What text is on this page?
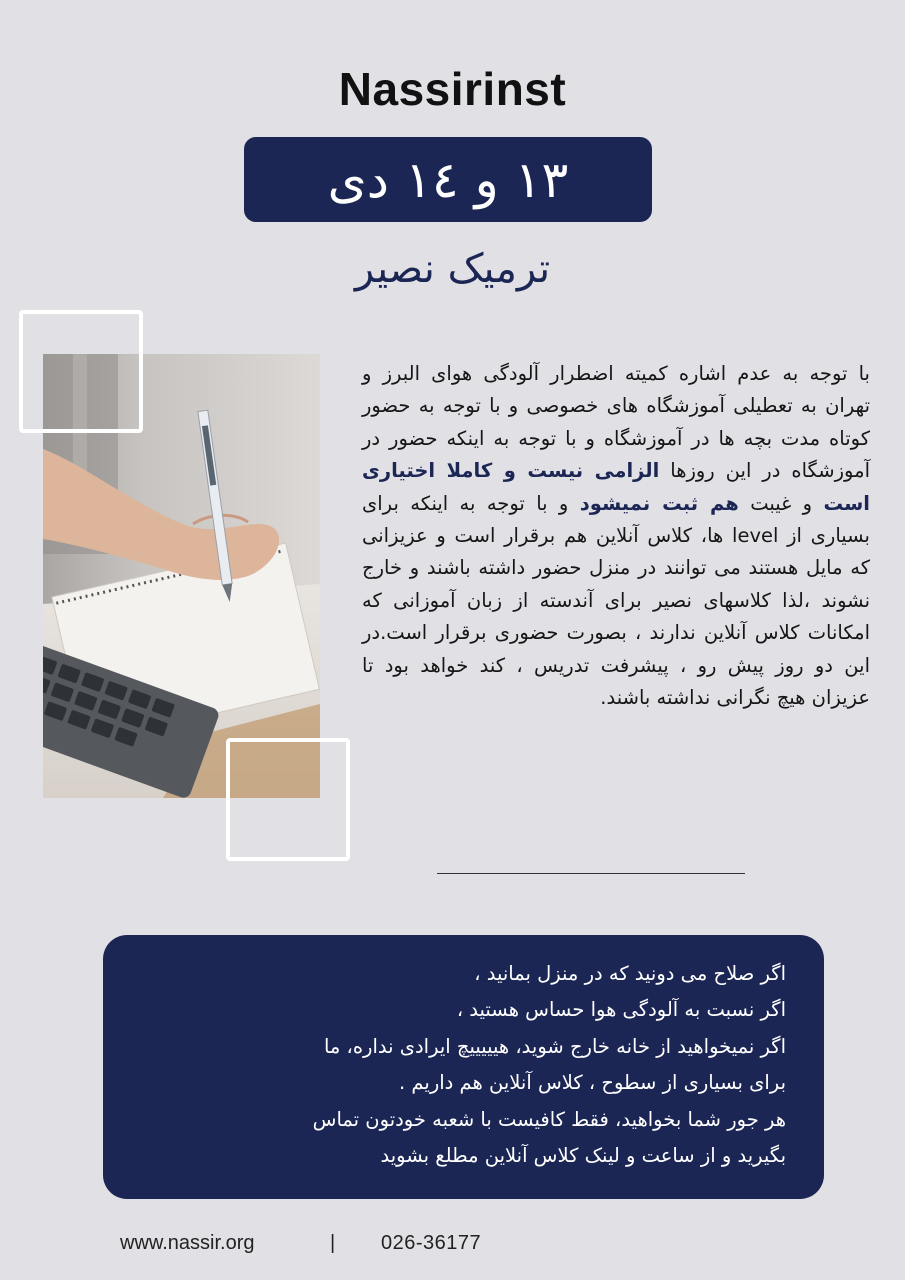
Nassirinst
۱۳ و ۱٤ دی
ترمیک نصیر
با توجه به عدم اشاره کمیته اضطرار آلودگی هوای البرز و تهران به تعطیلی آموزشگاه های خصوصی و با توجه به حضور کوتاه مدت بچه ها در آموزشگاه و با توجه به اینکه حضور در آموزشگاه در این روزها الزامی نیست و کاملا اختیاری است و غیبت هم ثبت نمیشود و با توجه به اینکه برای بسیاری از level ها، کلاس آنلاین هم برقرار است و عزیزانی که مایل هستند می توانند در منزل حضور داشته باشند و خارج نشوند ،لذا کلاسهای نصیر برای آندسته از زبان آموزانی که امکانات کلاس آنلاین ندارند ، بصورت حضوری برقرار است.در این دو روز پیش رو ، پیشرفت تدریس ، کند خواهد بود تا عزیزان هیچ نگرانی نداشته باشند.
اگر صلاح می دونید که در منزل بمانید ،
اگر نسبت به آلودگی هوا حساس هستید ،
اگر نمیخواهید از خانه خارج شوید، هیییییچ ایرادی نداره، ما
برای بسیاری از سطوح ، کلاس آنلاین هم داریم .
هر جور شما بخواهید، فقط کافیست با شعبه خودتون تماس
بگیرید و از ساعت و لینک کلاس آنلاین مطلع بشوید
www.nassir.org	| 026-36177
